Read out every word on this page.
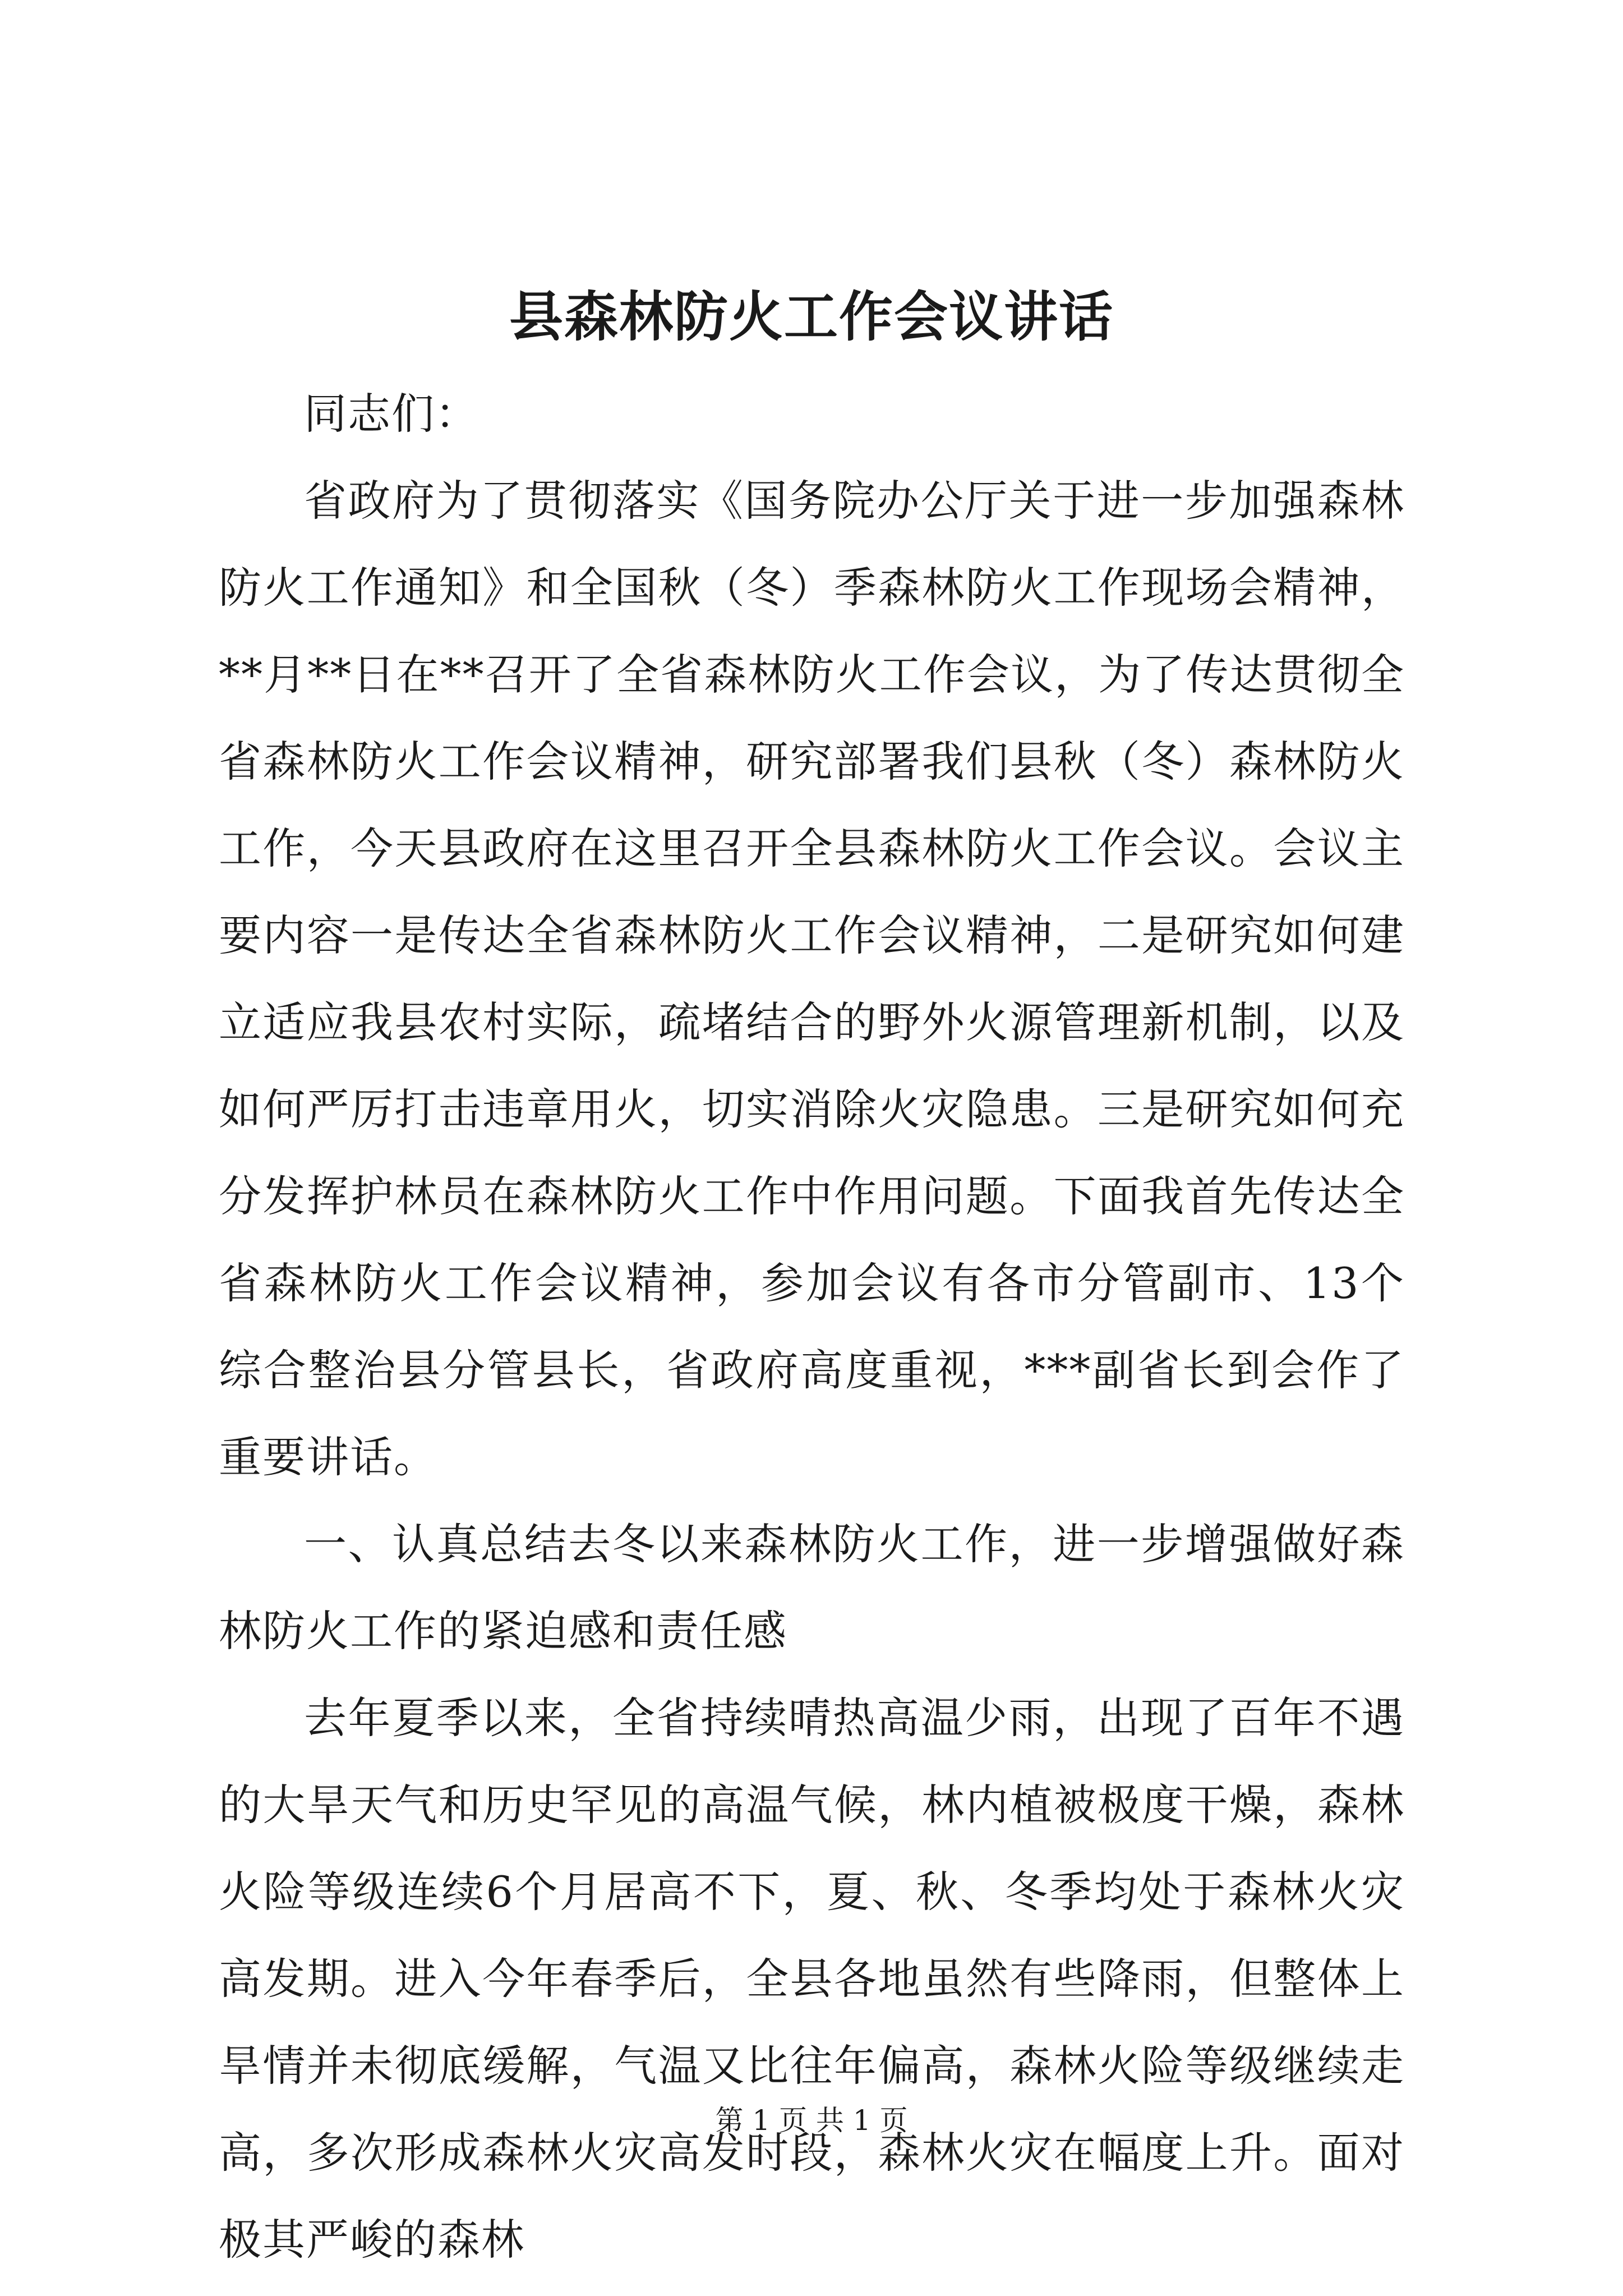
县森林防火工作会议讲话

同志们：

省政府为了贯彻落实《国务院办公厅关于进一步加强森林防火工作通知》和全国秋（冬）季森林防火工作现场会精神，**月**日在**召开了全省森林防火工作会议，为了传达贯彻全省森林防火工作会议精神，研究部署我们县秋（冬）森林防火工作，今天县政府在这里召开全县森林防火工作会议。会议主要内容一是传达全省森林防火工作会议精神，二是研究如何建立适应我县农村实际，疏堵结合的野外火源管理新机制，以及如何严厉打击违章用火，切实消除火灾隐患。三是研究如何充分发挥护林员在森林防火工作中作用问题。下面我首先传达全省森林防火工作会议精神，参加会议有各市分管副市、13个综合整治县分管县长，省政府高度重视，***副省长到会作了重要讲话。

一、认真总结去冬以来森林防火工作，进一步增强做好森林防火工作的紧迫感和责任感

去年夏季以来，全省持续晴热高温少雨，出现了百年不遇的大旱天气和历史罕见的高温气候，林内植被极度干燥，森林火险等级连续6个月居高不下，夏、秋、冬季均处于森林火灾高发期。进入今年春季后，全县各地虽然有些降雨，但整体上旱情并未彻底缓解，气温又比往年偏高，森林火险等级继续走高，多次形成森林火灾高发时段，森林火灾在幅度上升。面对极其严峻的森林

第 1 页 共 1 页
